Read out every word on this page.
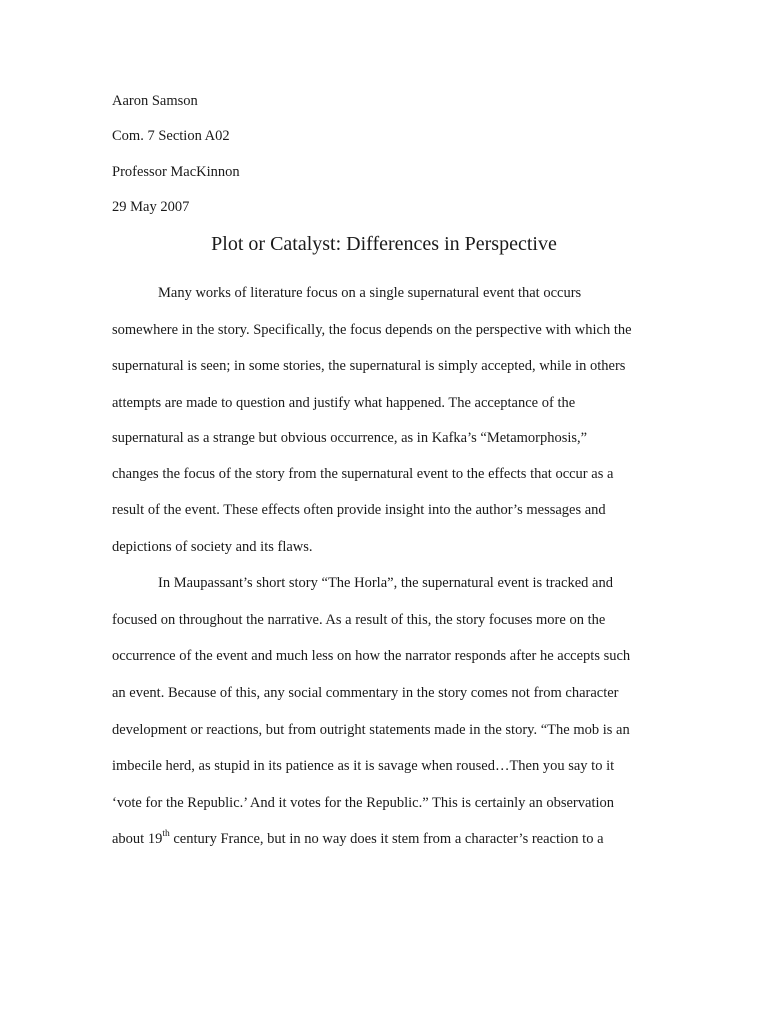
Aaron Samson
Com. 7 Section A02
Professor MacKinnon
29 May 2007
Plot or Catalyst: Differences in Perspective
Many works of literature focus on a single supernatural event that occurs
somewhere in the story. Specifically, the focus depends on the perspective with which the
supernatural is seen; in some stories, the supernatural is simply accepted, while in others
attempts are made to question and justify what happened. The acceptance of the
supernatural as a strange but obvious occurrence, as in Kafka’s “Metamorphosis,”
changes the focus of the story from the supernatural event to the effects that occur as a
result of the event. These effects often provide insight into the author’s messages and
depictions of society and its flaws.
In Maupassant’s short story “The Horla”, the supernatural event is tracked and
focused on throughout the narrative. As a result of this, the story focuses more on the
occurrence of the event and much less on how the narrator responds after he accepts such
an event. Because of this, any social commentary in the story comes not from character
development or reactions, but from outright statements made in the story. “The mob is an
imbecile herd, as stupid in its patience as it is savage when roused…Then you say to it
‘vote for the Republic.’ And it votes for the Republic.” This is certainly an observation
about 19th century France, but in no way does it stem from a character’s reaction to a
